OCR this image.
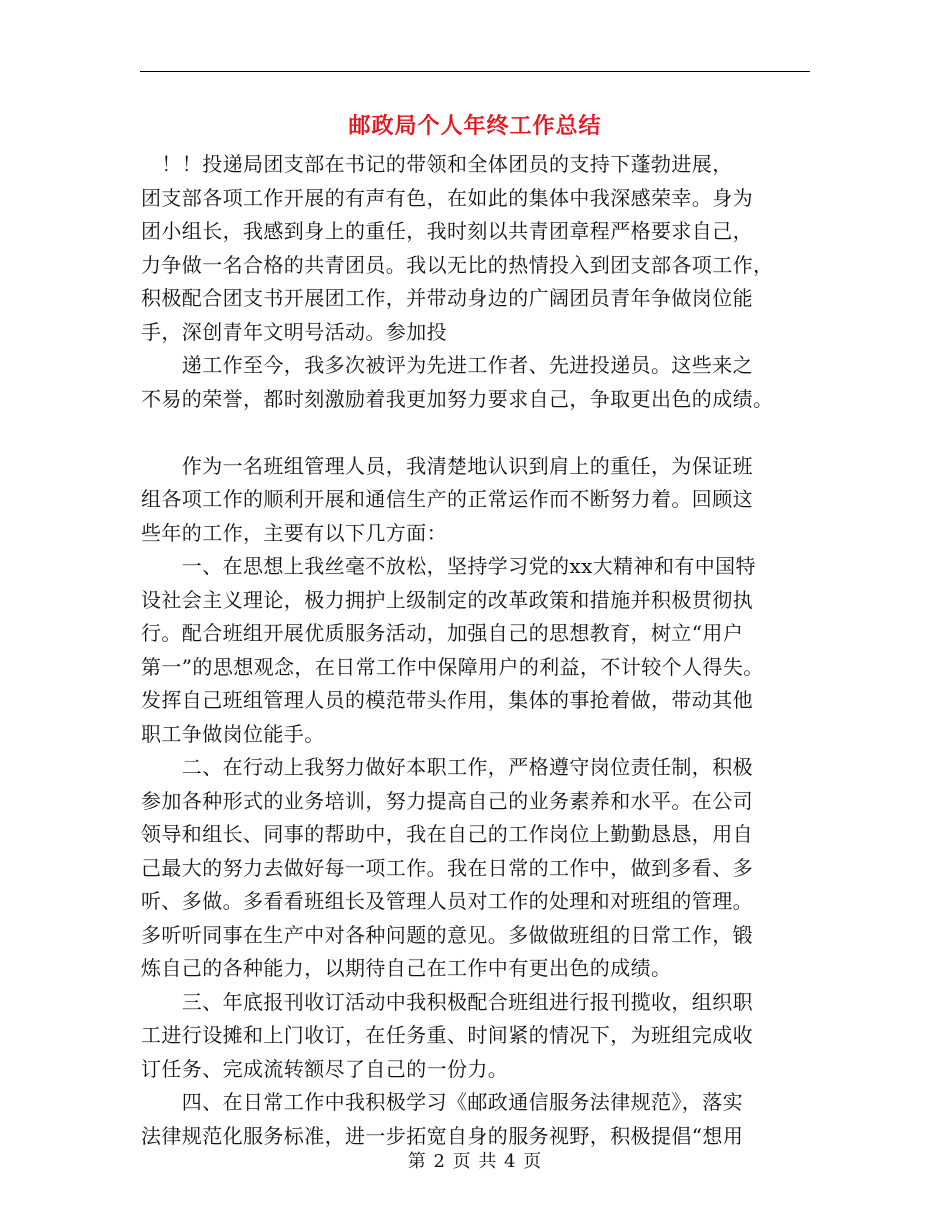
邮政局个人年终工作总结
　！！投递局团支部在书记的带领和全体团员的支持下蓬勃进展，
团支部各项工作开展的有声有色，在如此的集体中我深感荣幸。身为
团小组长，我感到身上的重任，我时刻以共青团章程严格要求自己，
力争做一名合格的共青团员。我以无比的热情投入到团支部各项工作，
积极配合团支书开展团工作，并带动身边的广阔团员青年争做岗位能
手，深创青年文明号活动。参加投
　　递工作至今，我多次被评为先进工作者、先进投递员。这些来之
不易的荣誉，都时刻激励着我更加努力要求自己，争取更出色的成绩。
　　作为一名班组管理人员，我清楚地认识到肩上的重任，为保证班
组各项工作的顺利开展和通信生产的正常运作而不断努力着。回顾这
些年的工作，主要有以下几方面：
　　一、在思想上我丝毫不放松，坚持学习党的xx大精神和有中国特
设社会主义理论，极力拥护上级制定的改革政策和措施并积极贯彻执
行。配合班组开展优质服务活动，加强自己的思想教育，树立“用户
第一”的思想观念，在日常工作中保障用户的利益，不计较个人得失。
发挥自己班组管理人员的模范带头作用，集体的事抢着做，带动其他
职工争做岗位能手。
　　二、在行动上我努力做好本职工作，严格遵守岗位责任制，积极
参加各种形式的业务培训，努力提高自己的业务素养和水平。在公司
领导和组长、同事的帮助中，我在自己的工作岗位上勤勤恳恳，用自
己最大的努力去做好每一项工作。我在日常的工作中，做到多看、多
听、多做。多看看班组长及管理人员对工作的处理和对班组的管理。
多听听同事在生产中对各种问题的意见。多做做班组的日常工作，锻
炼自己的各种能力，以期待自己在工作中有更出色的成绩。
　　三、年底报刊收订活动中我积极配合班组进行报刊揽收，组织职
工进行设摊和上门收订，在任务重、时间紧的情况下，为班组完成收
订任务、完成流转额尽了自己的一份力。
　　四、在日常工作中我积极学习《邮政通信服务法律规范》，落实
法律规范化服务标准，进一步拓宽自身的服务视野，积极提倡“想用
第 2 页 共 4 页
